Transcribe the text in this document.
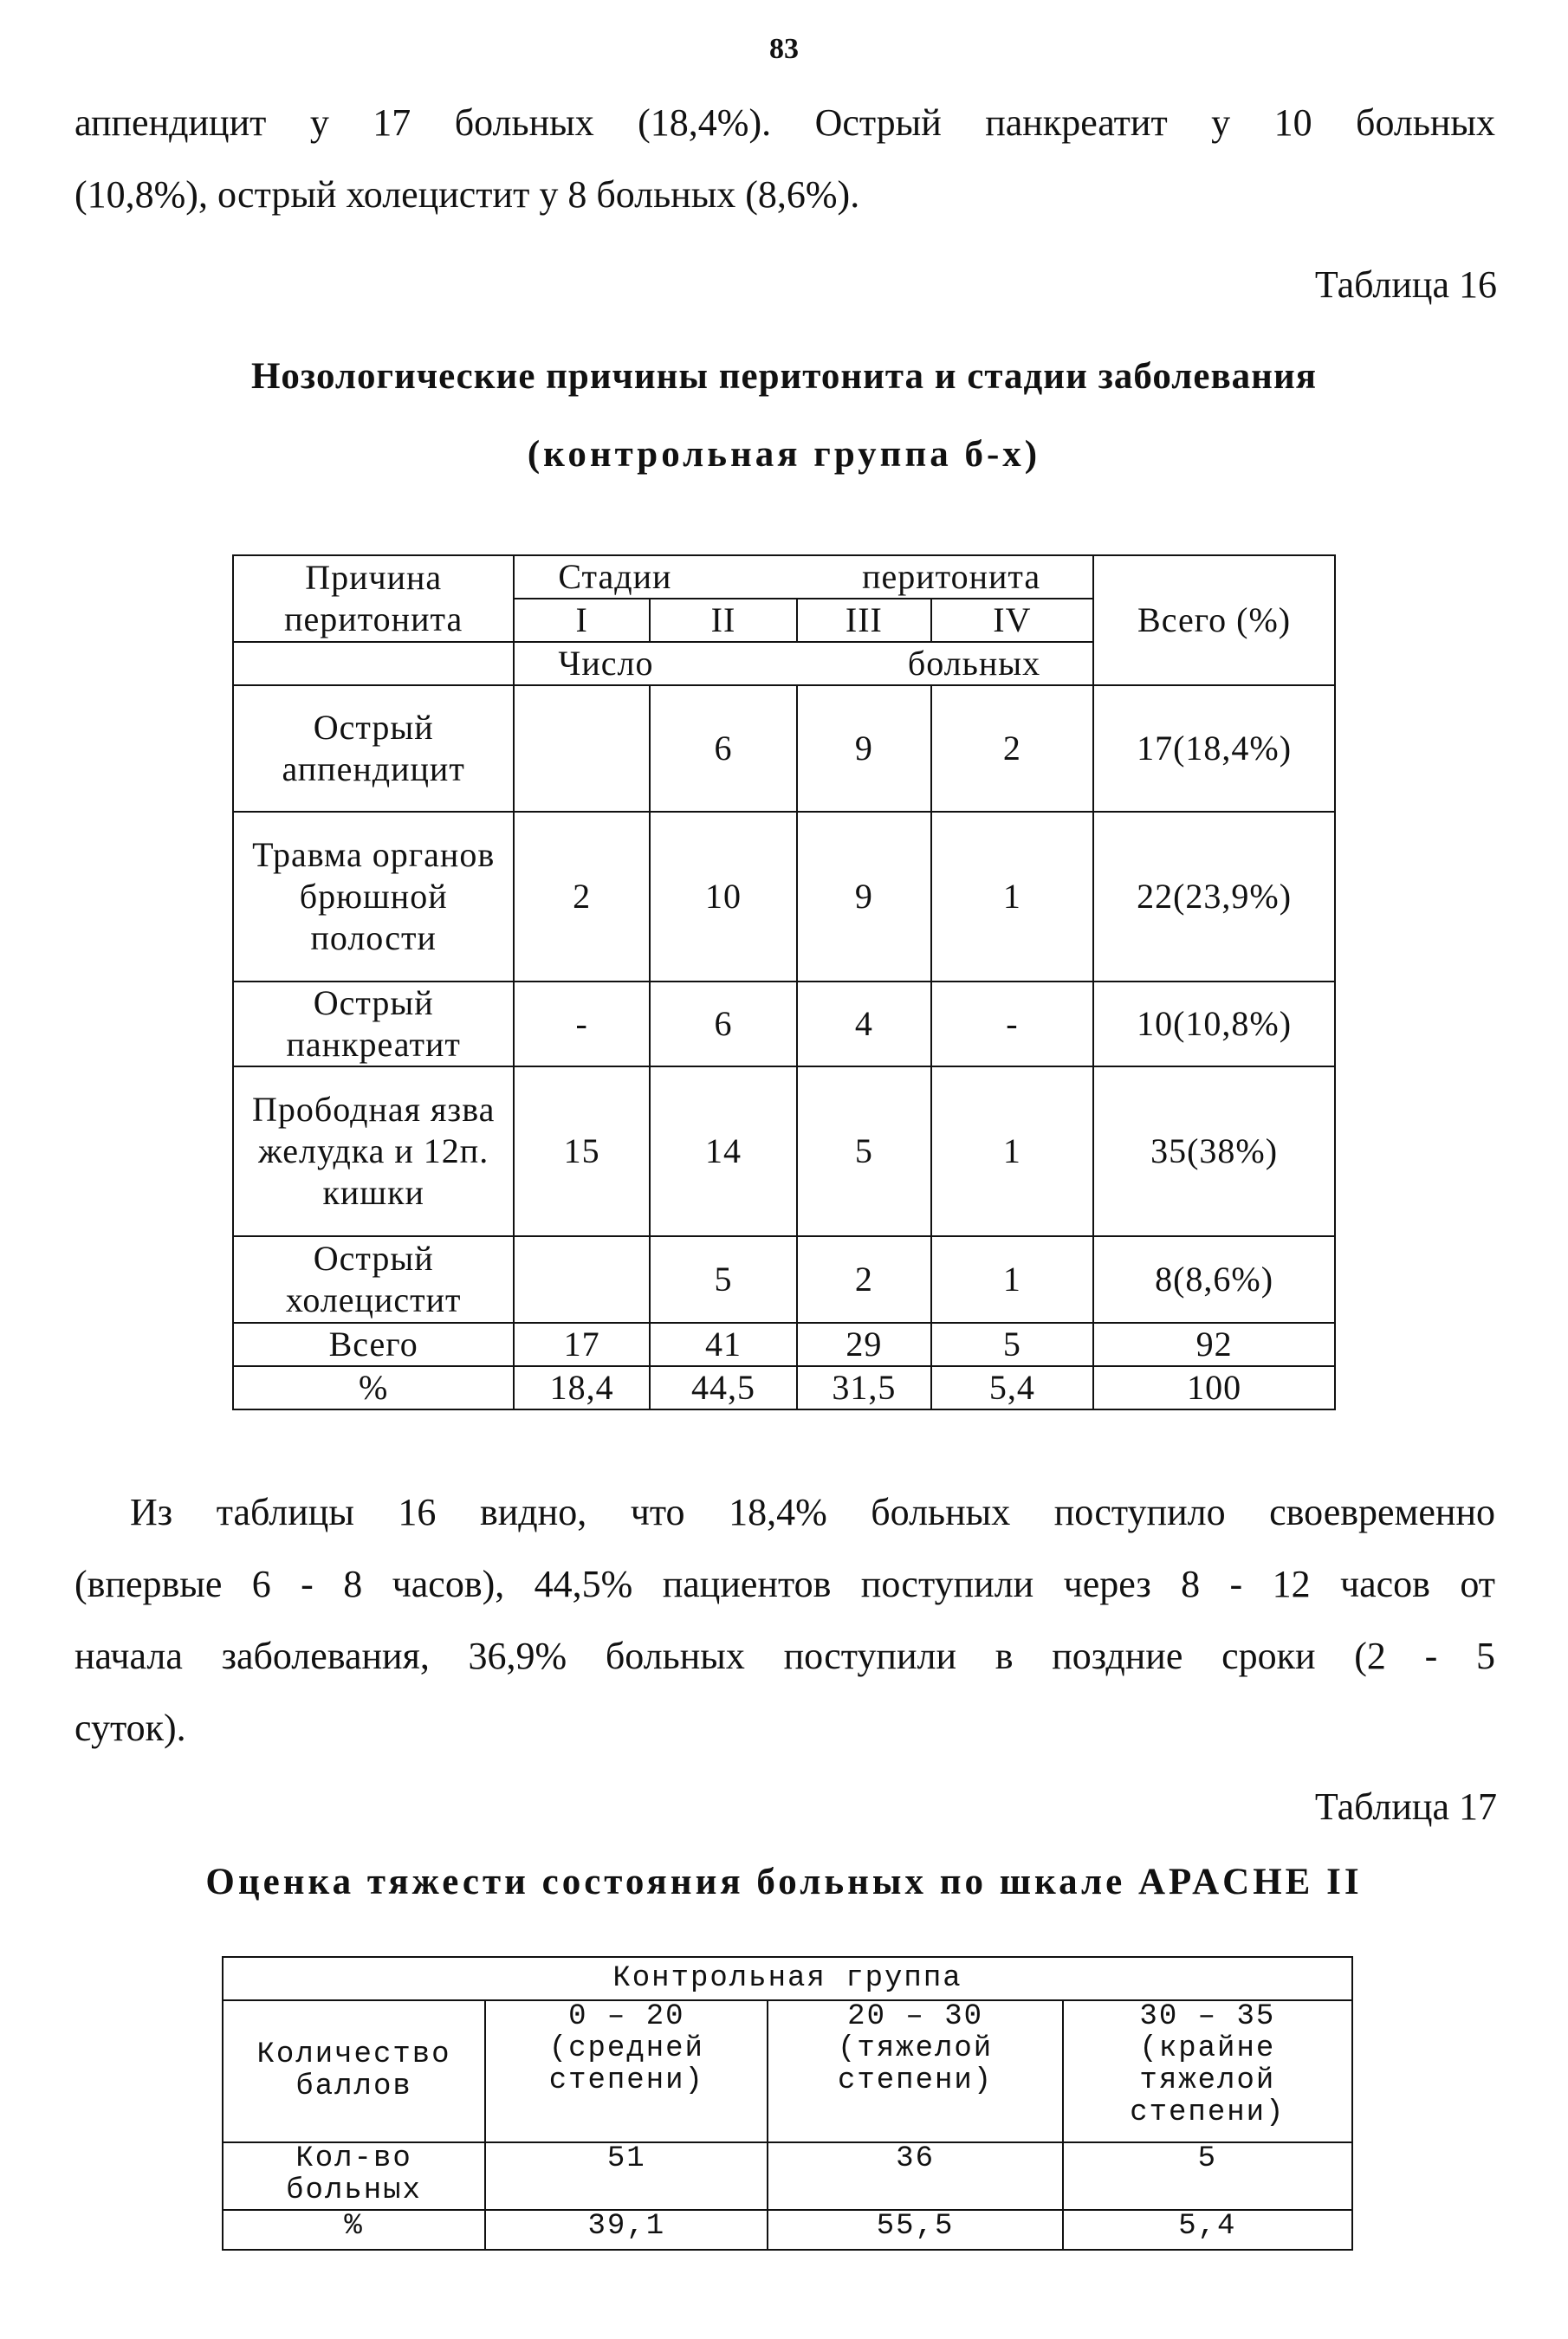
83

аппендицит у 17 больных (18,4%). Острый панкреатит у 10 больных
(10,8%), острый холецистит у 8 больных (8,6%).

Таблица 16
Нозологические причины перитонита и стадии заболевания
(контрольная группа б-х)
Причина перитонита	Стадии перитонита				Всего (%)
	I	II	III	IV	

	Число больных				

Острый аппендицит		6	9	2	17(18,4%)
Травма органов брюшной полости	2	10	9	1	22(23,9%)
Острый панкреатит	-	6	4	-	10(10,8%)
Прободная язва желудка и 12п. кишки	15	14	5	1	35(38%)
Острый холецистит		5	2	1	8(8,6%)
Всего	17	41	29	5	92
%	18,4	44,5	31,5	5,4	100

Из таблицы 16 видно, что 18,4% больных поступило своевременно
(впервые 6 - 8 часов), 44,5% пациентов поступили через 8 - 12 часов от
начала заболевания, 36,9% больных поступили в поздние сроки (2 - 5
суток).

Таблица 17
Оценка тяжести состояния больных по шкале APACHE II
Контрольная группа			
Количество баллов	0 – 20 (средней степени)	20 – 30 (тяжелой степени)	30 – 35 (крайне тяжелой степени)
Кол-во больных	51	36	5
%	39,1	55,5	5,4
